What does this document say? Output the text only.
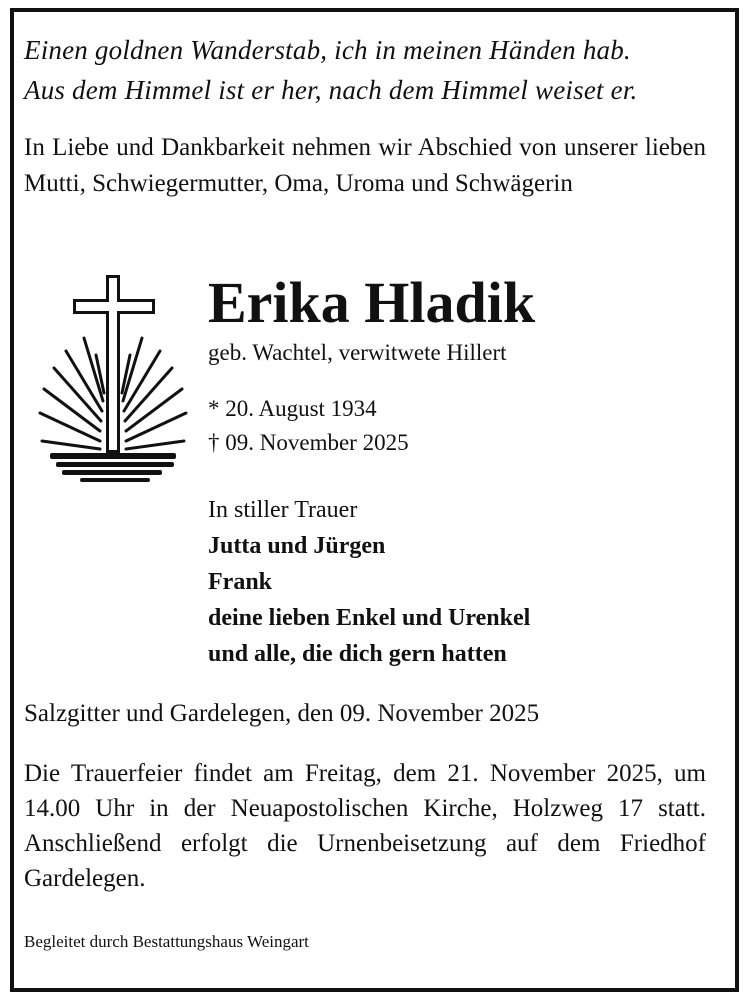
Einen goldnen Wanderstab, ich in meinen Händen hab.
Aus dem Himmel ist er her, nach dem Himmel weiset er.
In Liebe und Dankbarkeit nehmen wir Abschied von unserer lieben Mutti, Schwiegermutter, Oma, Uroma und Schwägerin
Erika Hladik
geb. Wachtel, verwitwete Hillert
* 20. August 1934
† 09. November 2025
In stiller Trauer
Jutta und Jürgen
Frank
deine lieben Enkel und Urenkel
und alle, die dich gern hatten
Salzgitter und Gardelegen, den 09. November 2025
Die Trauerfeier findet am Freitag, dem 21. November 2025, um 14.00 Uhr in der Neuapostolischen Kirche, Holzweg 17 statt. Anschließend erfolgt die Urnenbeisetzung auf dem Friedhof Gardelegen.
Begleitet durch Bestattungshaus Weingart
